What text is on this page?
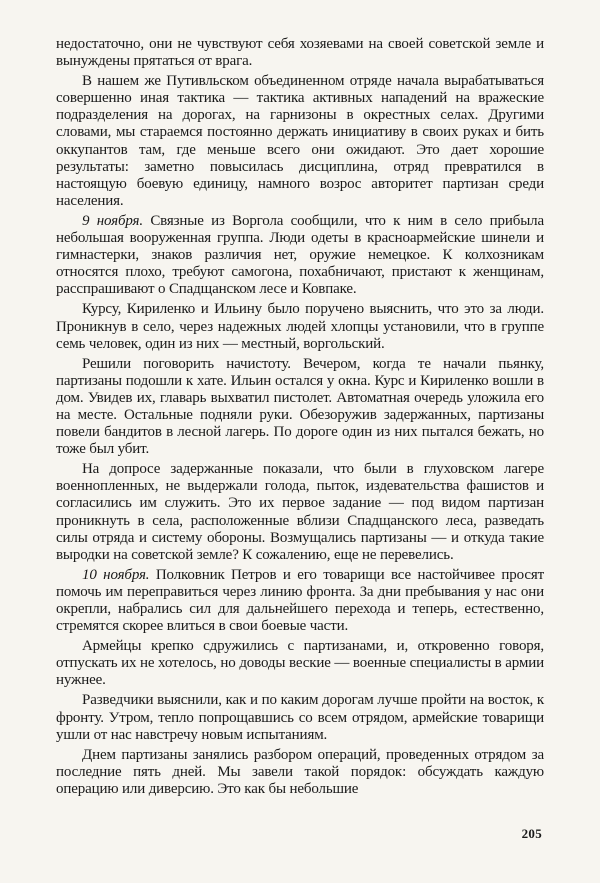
недостаточно, они не чувствуют себя хозяевами на своей советской земле и вынуждены прятаться от врага.

В нашем же Путивльском объединенном отряде начала вырабатываться совершенно иная тактика — тактика активных нападений на вражеские подразделения на дорогах, на гарнизоны в окрестных селах. Другими словами, мы стараемся постоянно держать инициативу в своих руках и бить оккупантов там, где меньше всего они ожидают. Это дает хорошие результаты: заметно повысилась дисциплина, отряд превратился в настоящую боевую единицу, намного возрос авторитет партизан среди населения.

9 ноября. Связные из Воргола сообщили, что к ним в село прибыла небольшая вооруженная группа. Люди одеты в красноармейские шинели и гимнастерки, знаков различия нет, оружие немецкое. К колхозникам относятся плохо, требуют самогона, похабничают, пристают к женщинам, расспрашивают о Спадщанском лесе и Ковпаке.

Курсу, Кириленко и Ильину было поручено выяснить, что это за люди. Проникнув в село, через надежных людей хлопцы установили, что в группе семь человек, один из них — местный, воргольский.

Решили поговорить начистоту. Вечером, когда те начали пьянку, партизаны подошли к хате. Ильин остался у окна. Курс и Кириленко вошли в дом. Увидев их, главарь выхватил пистолет. Автоматная очередь уложила его на месте. Остальные подняли руки. Обезоружив задержанных, партизаны повели бандитов в лесной лагерь. По дороге один из них пытался бежать, но тоже был убит.

На допросе задержанные показали, что были в глуховском лагере военнопленных, не выдержали голода, пыток, издевательства фашистов и согласились им служить. Это их первое задание — под видом партизан проникнуть в села, расположенные вблизи Спадщанского леса, разведать силы отряда и систему обороны. Возмущались партизаны — и откуда такие выродки на советской земле? К сожалению, еще не перевелись.

10 ноября. Полковник Петров и его товарищи все настойчивее просят помочь им переправиться через линию фронта. За дни пребывания у нас они окрепли, набрались сил для дальнейшего перехода и теперь, естественно, стремятся скорее влиться в свои боевые части.

Армейцы крепко сдружились с партизанами, и, откровенно говоря, отпускать их не хотелось, но доводы веские — военные специалисты в армии нужнее.

Разведчики выяснили, как и по каким дорогам лучше пройти на восток, к фронту. Утром, тепло попрощавшись со всем отрядом, армейские товарищи ушли от нас навстречу новым испытаниям.

Днем партизаны занялись разбором операций, проведенных отрядом за последние пять дней. Мы завели такой порядок: обсуждать каждую операцию или диверсию. Это как бы небольшие

205
